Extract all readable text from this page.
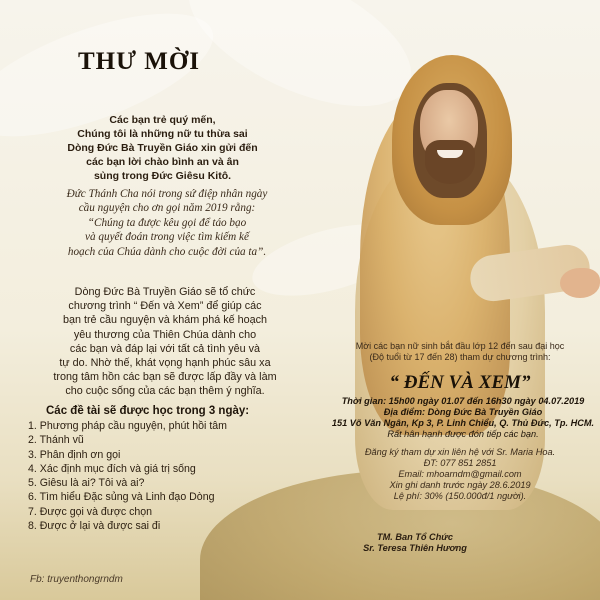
THƯ MỜI
Các bạn trẻ quý mến,
Chúng tôi là những nữ tu thừa sai
Dòng Đức Bà Truyền Giáo xin gửi đến
các bạn lời chào bình an và ân
sủng trong Đức Giêsu Kitô.
Đức Thánh Cha nói trong sứ điệp nhân ngày
cầu nguyện cho ơn gọi năm 2019 rằng:
“Chúng ta được kêu gọi để táo bạo
và quyết đoán trong việc tìm kiếm kế
hoạch của Chúa dành cho cuộc đời của ta”.
Dòng Đức Bà Truyền Giáo sẽ tổ chức
chương trình “ Đến và Xem” để giúp các
bạn trẻ cầu nguyện và khám phá kế hoạch
yêu thương của Thiên Chúa dành cho
các bạn và đáp lại với tất cả tình yêu và
tự do. Nhờ thế, khát vọng hạnh phúc sâu xa
trong tâm hồn các bạn sẽ được lấp đầy và làm
cho cuộc sống của các bạn thêm ý nghĩa.
Các đề tài sẽ được học trong 3 ngày:
1. Phương pháp cầu nguyện, phút hồi tâm
2. Thánh vũ
3. Phân định ơn gọi
4. Xác định mục đích và giá trị sống
5. Giêsu là ai? Tôi và ai?
6. Tìm hiểu Đặc sủng và Linh đạo Dòng
7. Được gọi và được chọn
8. Được ở lại và được sai đi
Fb: truyenthongrndm
Mời các bạn nữ sinh bắt đầu lớp 12 đến sau đại học
(Độ tuổi từ 17 đến 28) tham dự chương trình:
“ ĐẾN VÀ XEM”
Thời gian: 15h00 ngày 01.07 đến 16h30 ngày 04.07.2019
Địa điểm: Dòng Đức Bà Truyền Giáo
151 Võ Văn Ngân, Kp 3, P. Linh Chiểu, Q. Thủ Đức, Tp. HCM.
Rất hân hạnh được đón tiếp các bạn.
Đăng ký tham dự xin liên hệ với Sr. Maria Hoa.
ĐT: 077 851 2851
Email: mhoarndm@gmail.com
Xin ghi danh trước ngày 28.6.2019
Lệ phí: 30% (150.000đ/1 người).
TM. Ban Tổ Chức
Sr. Teresa Thiên Hương
